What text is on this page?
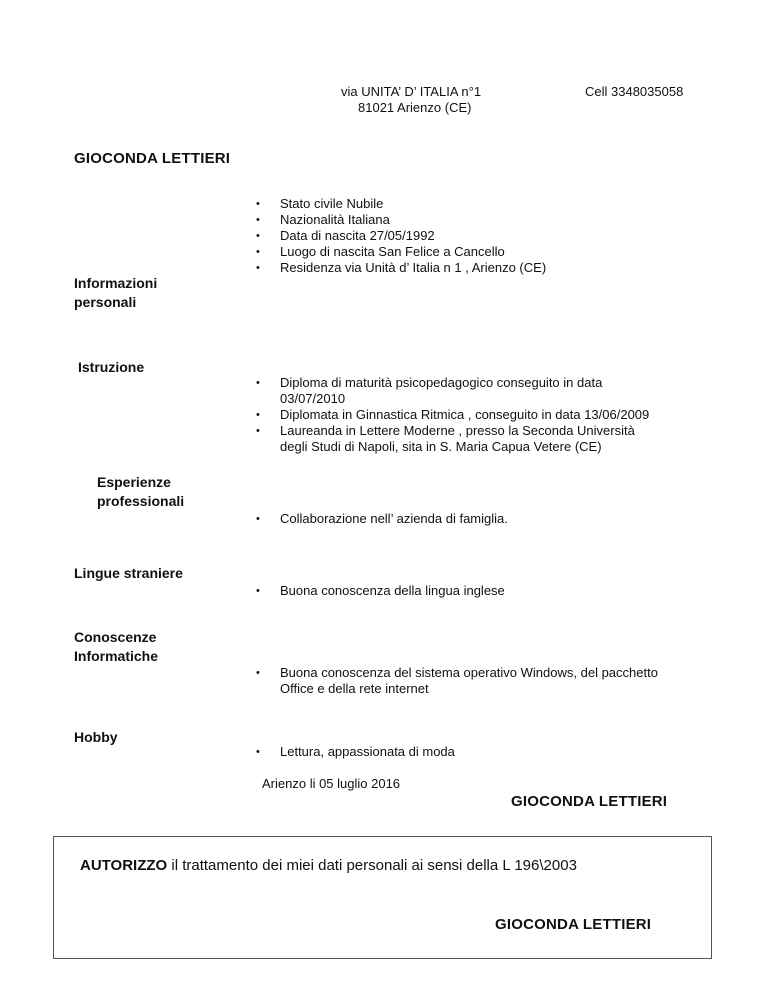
via UNITA’ D’ ITALIA n°1
81021 Arienzo (CE)
Cell 3348035058
GIOCONDA LETTIERI
• Stato civile Nubile
• Nazionalità Italiana
• Data di nascita 27/05/1992
• Luogo di nascita San Felice a Cancello
• Residenza via Unità d’ Italia n 1 , Arienzo (CE)
Informazioni
personali
Istruzione
• Diploma di maturità psicopedagogico conseguito in data
03/07/2010
• Diplomata in Ginnastica Ritmica , conseguito in data 13/06/2009
• Laureanda in Lettere Moderne , presso la Seconda Università
degli Studi di Napoli, sita in S. Maria Capua Vetere (CE)
Esperienze
professionali
• Collaborazione nell’ azienda di famiglia.
Lingue straniere
• Buona conoscenza della lingua inglese
Conoscenze
Informatiche
• Buona conoscenza del sistema operativo Windows, del pacchetto
Office e della rete internet
Hobby
• Lettura, appassionata di moda
Arienzo li 05 luglio 2016
GIOCONDA LETTIERI
AUTORIZZO il trattamento dei miei dati personali ai sensi della L 196\2003
GIOCONDA LETTIERI
